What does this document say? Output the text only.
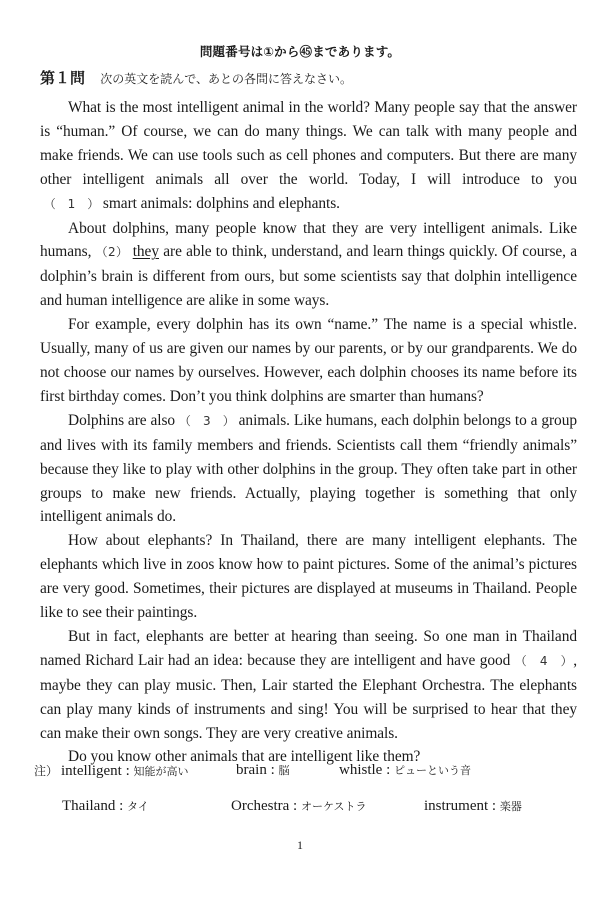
問題番号は①から㊺まであります。
第１問 次の英文を読んで、あとの各問に答えなさい。

What is the most intelligent animal in the world? Many people say that the answer is “human.” Of course, we can do many things. We can talk with many people and make friends. We can use tools such as cell phones and computers. But there are many other intelligent animals all over the world. Today, I will introduce to you （　1　） smart animals: dolphins and elephants.

About dolphins, many people know that they are very intelligent animals. Like humans, （2） they are able to think, understand, and learn things quickly. Of course, a dolphin’s brain is different from ours, but some scientists say that dolphin intelligence and human intelligence are alike in some ways.

For example, every dolphin has its own “name.” The name is a special whistle. Usually, many of us are given our names by our parents, or by our grandparents. We do not choose our names by ourselves. However, each dolphin chooses its name before its first birthday comes. Don’t you think dolphins are smarter than humans?

Dolphins are also （　3　） animals. Like humans, each dolphin belongs to a group and lives with its family members and friends. Scientists call them “friendly animals” because they like to play with other dolphins in the group. They often take part in other groups to make new friends. Actually, playing together is something that only intelligent animals do.

How about elephants? In Thailand, there are many intelligent elephants. The elephants which live in zoos know how to paint pictures. Some of the animal’s pictures are very good. Sometimes, their pictures are displayed at museums in Thailand. People like to see their paintings.

But in fact, elephants are better at hearing than seeing. So one man in Thailand named Richard Lair had an idea: because they are intelligent and have good （　4　）, maybe they can play music. Then, Lair started the Elephant Orchestra. The elephants can play many kinds of instruments and sing! You will be surprised to hear that they can make their own songs. They are very creative animals.

Do you know other animals that are intelligent like them?

注） intelligent : 知能が高い	brain : 脳	whistle : ピューという音
Thailand : タイ	Orchestra : オーケストラ	instrument : 楽器
1
